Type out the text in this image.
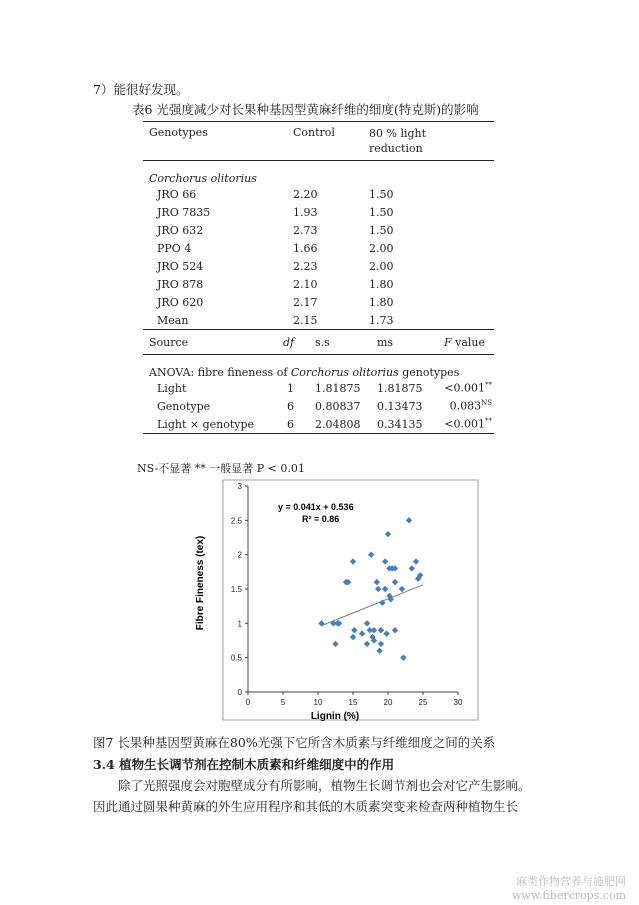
7）能很好发现。
表6 光强度减少对长果种基因型黄麻纤维的细度(特克斯)的影响
Genotypes	Control		80 % light
reduction	
Corchorus olitorius				
JRO 66	2.20		1.50	
JRO 7835	1.93		1.50	
JRO 632	2.73		1.50	
PPO 4	1.66		2.00	
JRO 524	2.23		2.00	
JRO 878	2.10		1.80	
JRO 620	2.17		1.80	
Mean	2.15		1.73	
Source	df	s.s	ms	F value
ANOVA: fibre fineness of Corchorus olitorius genotypes				
Light	1	1.81875	1.81875	<0.001**
Genotype	6	0.80837	0.13473	$0.083^{NS}$
Light × genotype	6	2.04808	0.34135	<0.001**
NS-不显著 ** 一般显著 P < 0.01
0	5	10	15	20	25	30
0
0.5
1
1.5
2
2.5
3
y = 0.041x + 0.536
R² = 0.86
Fibre Fineness (tex)
Lignin (%)
图7 长果种基因型黄麻在80%光强下它所含木质素与纤维细度之间的关系
3.4 植物生长调节剂在控制木质素和纤维细度中的作用
除了光照强度会对胞壁成分有所影响，植物生长调节剂也会对它产生影响。
因此通过圆果种黄麻的外生应用程序和其低的木质素突变来检查两种植物生长
麻类作物营养与施肥网
www.fibercrops.com
